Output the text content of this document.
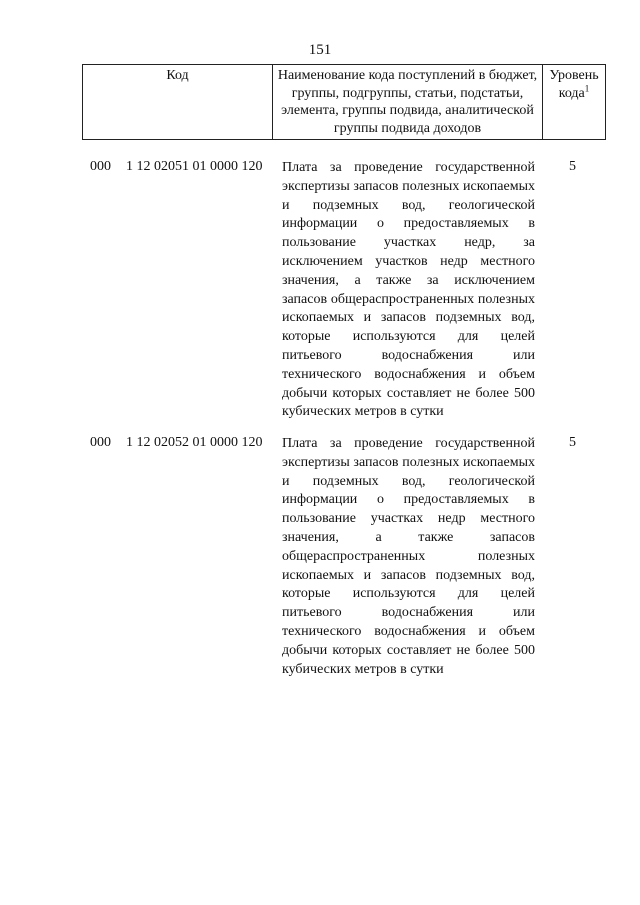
151
Код	Наименование кода поступлений в бюджет, группы, подгруппы, статьи, подстатьи, элемента, группы подвида, аналитической группы подвида доходов
Уровень кода$^1$
000 1 12 02051 01 0000 120 Плата за проведение государственной экспертизы запасов полезных ископаемых и подземных вод, геологической информации о предоставляемых в пользование участках недр, за исключением участков недр местного значения, а также за исключением запасов общераспространенных полезных ископаемых и запасов подземных вод, которые используются для целей питьевого водоснабжения или технического водоснабжения и объем добычи которых составляет не более 500 кубических метров в сутки
5
000 1 12 02052 01 0000 120 Плата за проведение государственной экспертизы запасов полезных ископаемых и подземных вод, геологической информации о предоставляемых в пользование участках недр местного значения, а также запасов общераспространенных полезных ископаемых и запасов подземных вод, которые используются для целей питьевого водоснабжения или технического водоснабжения и объем добычи которых составляет не более 500 кубических метров в сутки
5
